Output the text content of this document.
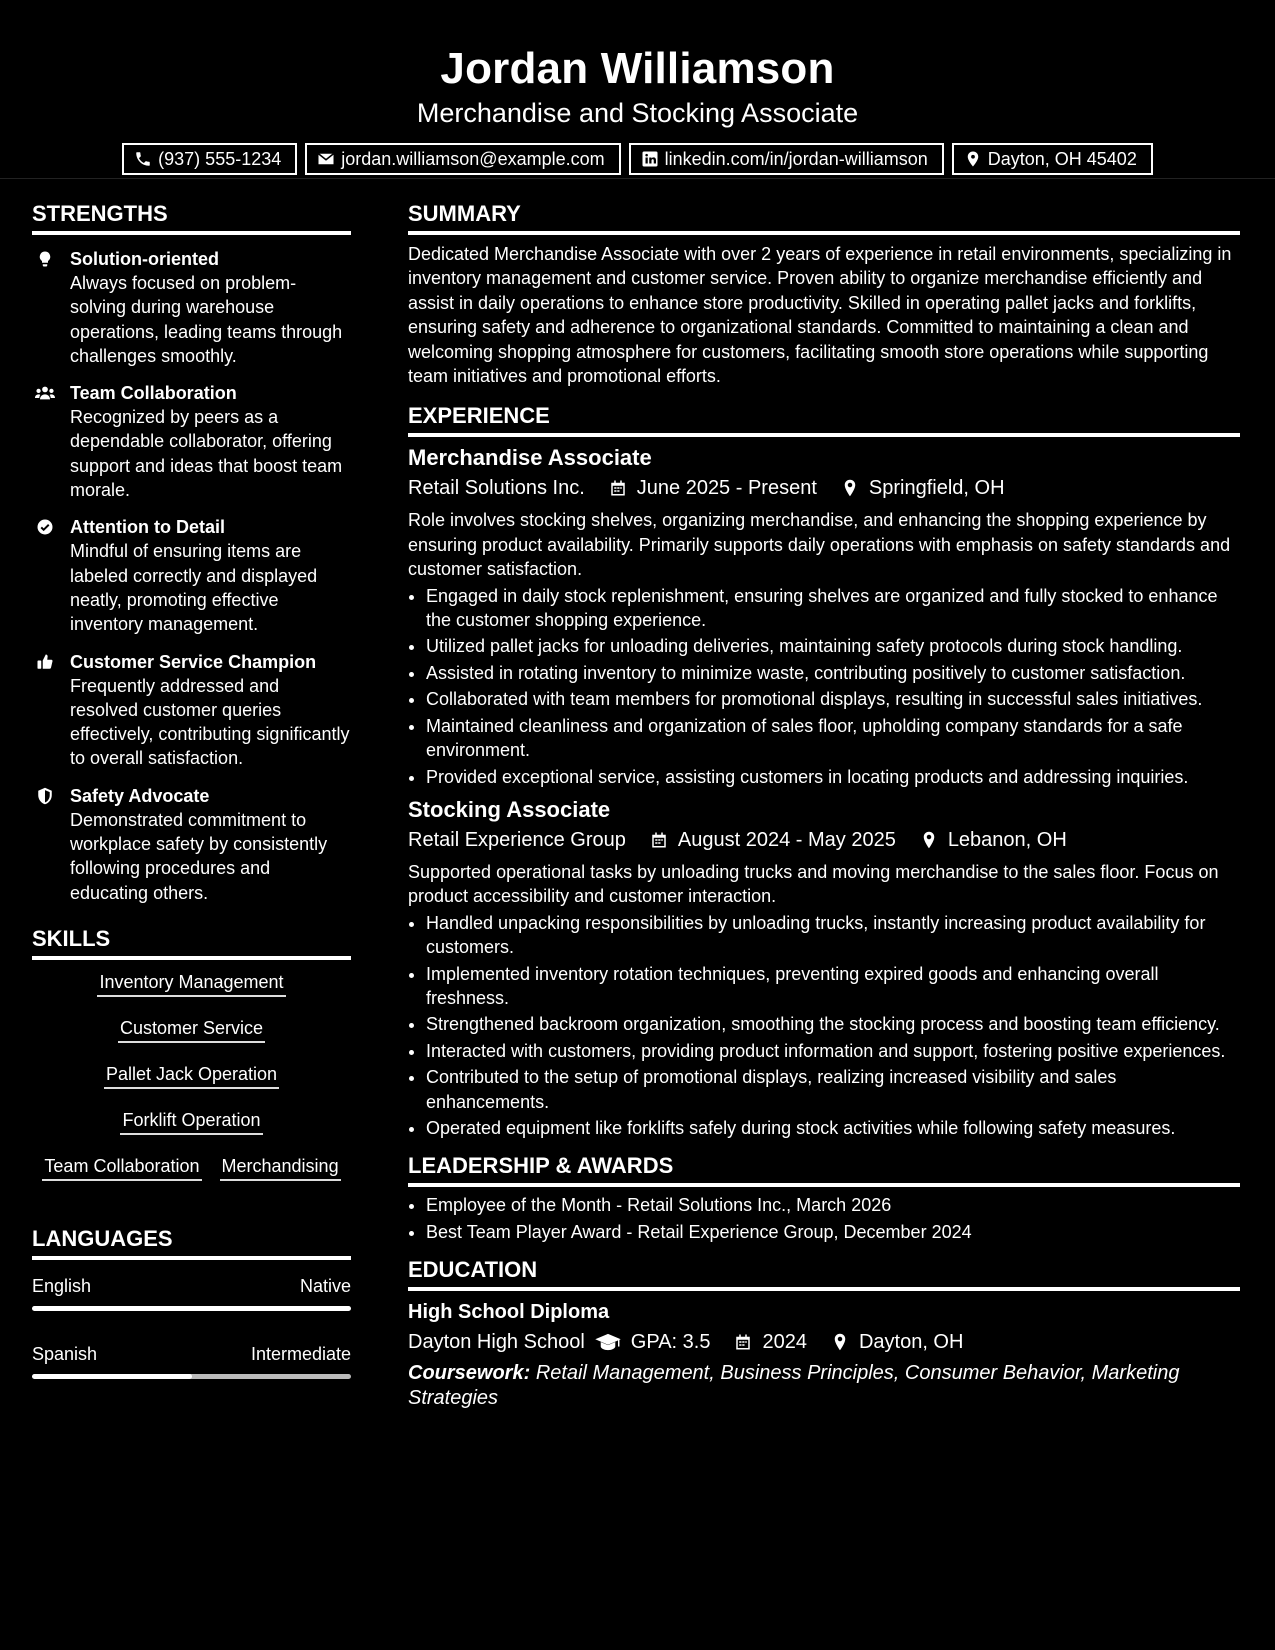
Jordan Williamson
Merchandise and Stocking Associate
(937) 555-1234	jordan.williamson@example.com	linkedin.com/in/jordan-williamson	Dayton, OH 45402
STRENGTHS
Solution-oriented
Always focused on problem-solving during warehouse operations, leading teams through challenges smoothly.
Team Collaboration
Recognized by peers as a dependable collaborator, offering support and ideas that boost team morale.
Attention to Detail
Mindful of ensuring items are labeled correctly and displayed neatly, promoting effective inventory management.
Customer Service Champion
Frequently addressed and resolved customer queries effectively, contributing significantly to overall satisfaction.
Safety Advocate
Demonstrated commitment to workplace safety by consistently following procedures and educating others.
SKILLS
Inventory Management
Customer Service
Pallet Jack Operation
Forklift Operation
Team Collaboration Merchandising
LANGUAGES
English	Native
Spanish	Intermediate
SUMMARY
Dedicated Merchandise Associate with over 2 years of experience in retail environments, specializing in inventory management and customer service. Proven ability to organize merchandise efficiently and assist in daily operations to enhance store productivity. Skilled in operating pallet jacks and forklifts, ensuring safety and adherence to organizational standards. Committed to maintaining a clean and welcoming shopping atmosphere for customers, facilitating smooth store operations while supporting team initiatives and promotional efforts.
EXPERIENCE
Merchandise Associate
Retail Solutions Inc.	June 2025 - Present	Springfield, OH
Role involves stocking shelves, organizing merchandise, and enhancing the shopping experience by ensuring product availability. Primarily supports daily operations with emphasis on safety standards and customer satisfaction.
• Engaged in daily stock replenishment, ensuring shelves are organized and fully stocked to enhance the customer shopping experience.
• Utilized pallet jacks for unloading deliveries, maintaining safety protocols during stock handling.
• Assisted in rotating inventory to minimize waste, contributing positively to customer satisfaction.
• Collaborated with team members for promotional displays, resulting in successful sales initiatives.
• Maintained cleanliness and organization of sales floor, upholding company standards for a safe environment.
• Provided exceptional service, assisting customers in locating products and addressing inquiries.
Stocking Associate
Retail Experience Group	August 2024 - May 2025	Lebanon, OH
Supported operational tasks by unloading trucks and moving merchandise to the sales floor. Focus on product accessibility and customer interaction.
• Handled unpacking responsibilities by unloading trucks, instantly increasing product availability for customers.
• Implemented inventory rotation techniques, preventing expired goods and enhancing overall freshness.
• Strengthened backroom organization, smoothing the stocking process and boosting team efficiency.
• Interacted with customers, providing product information and support, fostering positive experiences.
• Contributed to the setup of promotional displays, realizing increased visibility and sales enhancements.
• Operated equipment like forklifts safely during stock activities while following safety measures.
LEADERSHIP & AWARDS
• Employee of the Month - Retail Solutions Inc., March 2026
• Best Team Player Award - Retail Experience Group, December 2024
EDUCATION
High School Diploma
Dayton High School GPA: 3.5	2024	Dayton, OH
Coursework: Retail Management, Business Principles, Consumer Behavior, Marketing Strategies
